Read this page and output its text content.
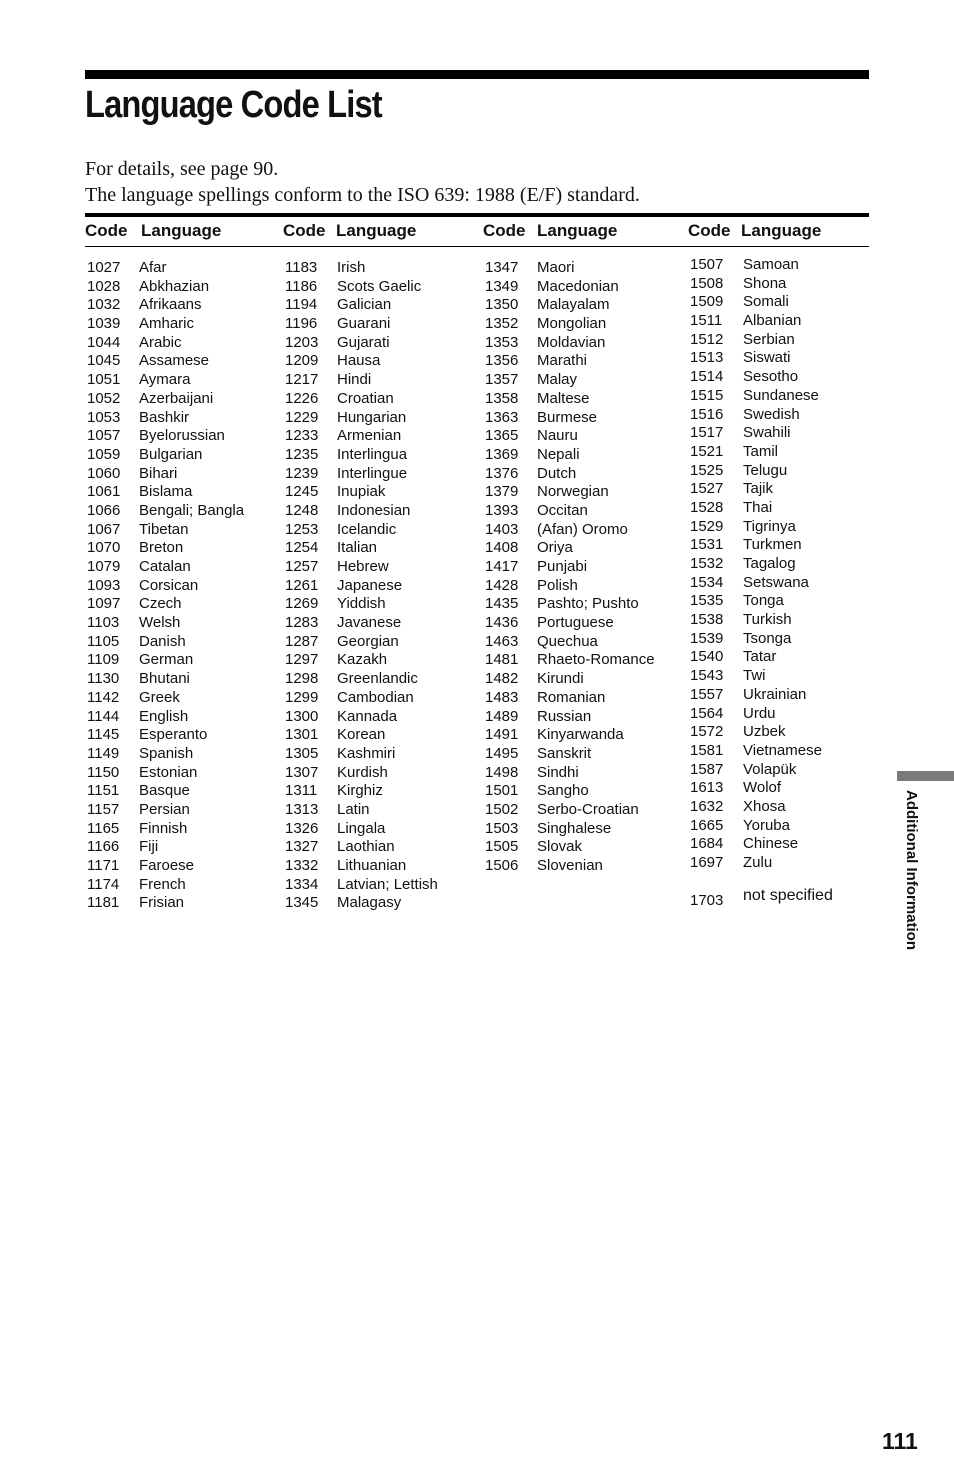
Language Code List
For details, see page 90.
The language spellings conform to the ISO 639: 1988 (E/F) standard.
Code Language
1027 Afar
1028 Abkhazian
1032 Afrikaans
1039 Amharic
1044 Arabic
1045 Assamese
1051 Aymara
1052 Azerbaijani
1053 Bashkir
1057 Byelorussian
1059 Bulgarian
1060 Bihari
1061 Bislama
1066 Bengali; Bangla
1067 Tibetan
1070 Breton
1079 Catalan
1093 Corsican
1097 Czech
1103 Welsh
1105 Danish
1109 German
1130 Bhutani
1142 Greek
1144 English
1145 Esperanto
1149 Spanish
1150 Estonian
1151 Basque
1157 Persian
1165 Finnish
1166 Fiji
1171 Faroese
1174 French
1181 Frisian
Code Language
1183 Irish
1186 Scots Gaelic
1194 Galician
1196 Guarani
1203 Gujarati
1209 Hausa
1217 Hindi
1226 Croatian
1229 Hungarian
1233 Armenian
1235 Interlingua
1239 Interlingue
1245 Inupiak
1248 Indonesian
1253 Icelandic
1254 Italian
1257 Hebrew
1261 Japanese
1269 Yiddish
1283 Javanese
1287 Georgian
1297 Kazakh
1298 Greenlandic
1299 Cambodian
1300 Kannada
1301 Korean
1305 Kashmiri
1307 Kurdish
1311 Kirghiz
1313 Latin
1326 Lingala
1327 Laothian
1332 Lithuanian
1334 Latvian; Lettish
1345 Malagasy
Code Language
1347 Maori
1349 Macedonian
1350 Malayalam
1352 Mongolian
1353 Moldavian
1356 Marathi
1357 Malay
1358 Maltese
1363 Burmese
1365 Nauru
1369 Nepali
1376 Dutch
1379 Norwegian
1393 Occitan
1403 (Afan) Oromo
1408 Oriya
1417 Punjabi
1428 Polish
1435 Pashto; Pushto
1436 Portuguese
1463 Quechua
1481 Rhaeto-Romance
1482 Kirundi
1483 Romanian
1489 Russian
1491 Kinyarwanda
1495 Sanskrit
1498 Sindhi
1501 Sangho
1502 Serbo-Croatian
1503 Singhalese
1505 Slovak
1506 Slovenian
Code Language
1507 Samoan
1508 Shona
1509 Somali
1511 Albanian
1512 Serbian
1513 Siswati
1514 Sesotho
1515 Sundanese
1516 Swedish
1517 Swahili
1521 Tamil
1525 Telugu
1527 Tajik
1528 Thai
1529 Tigrinya
1531 Turkmen
1532 Tagalog
1534 Setswana
1535 Tonga
1538 Turkish
1539 Tsonga
1540 Tatar
1543 Twi
1557 Ukrainian
1564 Urdu
1572 Uzbek
1581 Vietnamese
1587 Volapük
1613 Wolof
1632 Xhosa
1665 Yoruba
1684 Chinese
1697 Zulu
1703 not specified	Additional Information
111
